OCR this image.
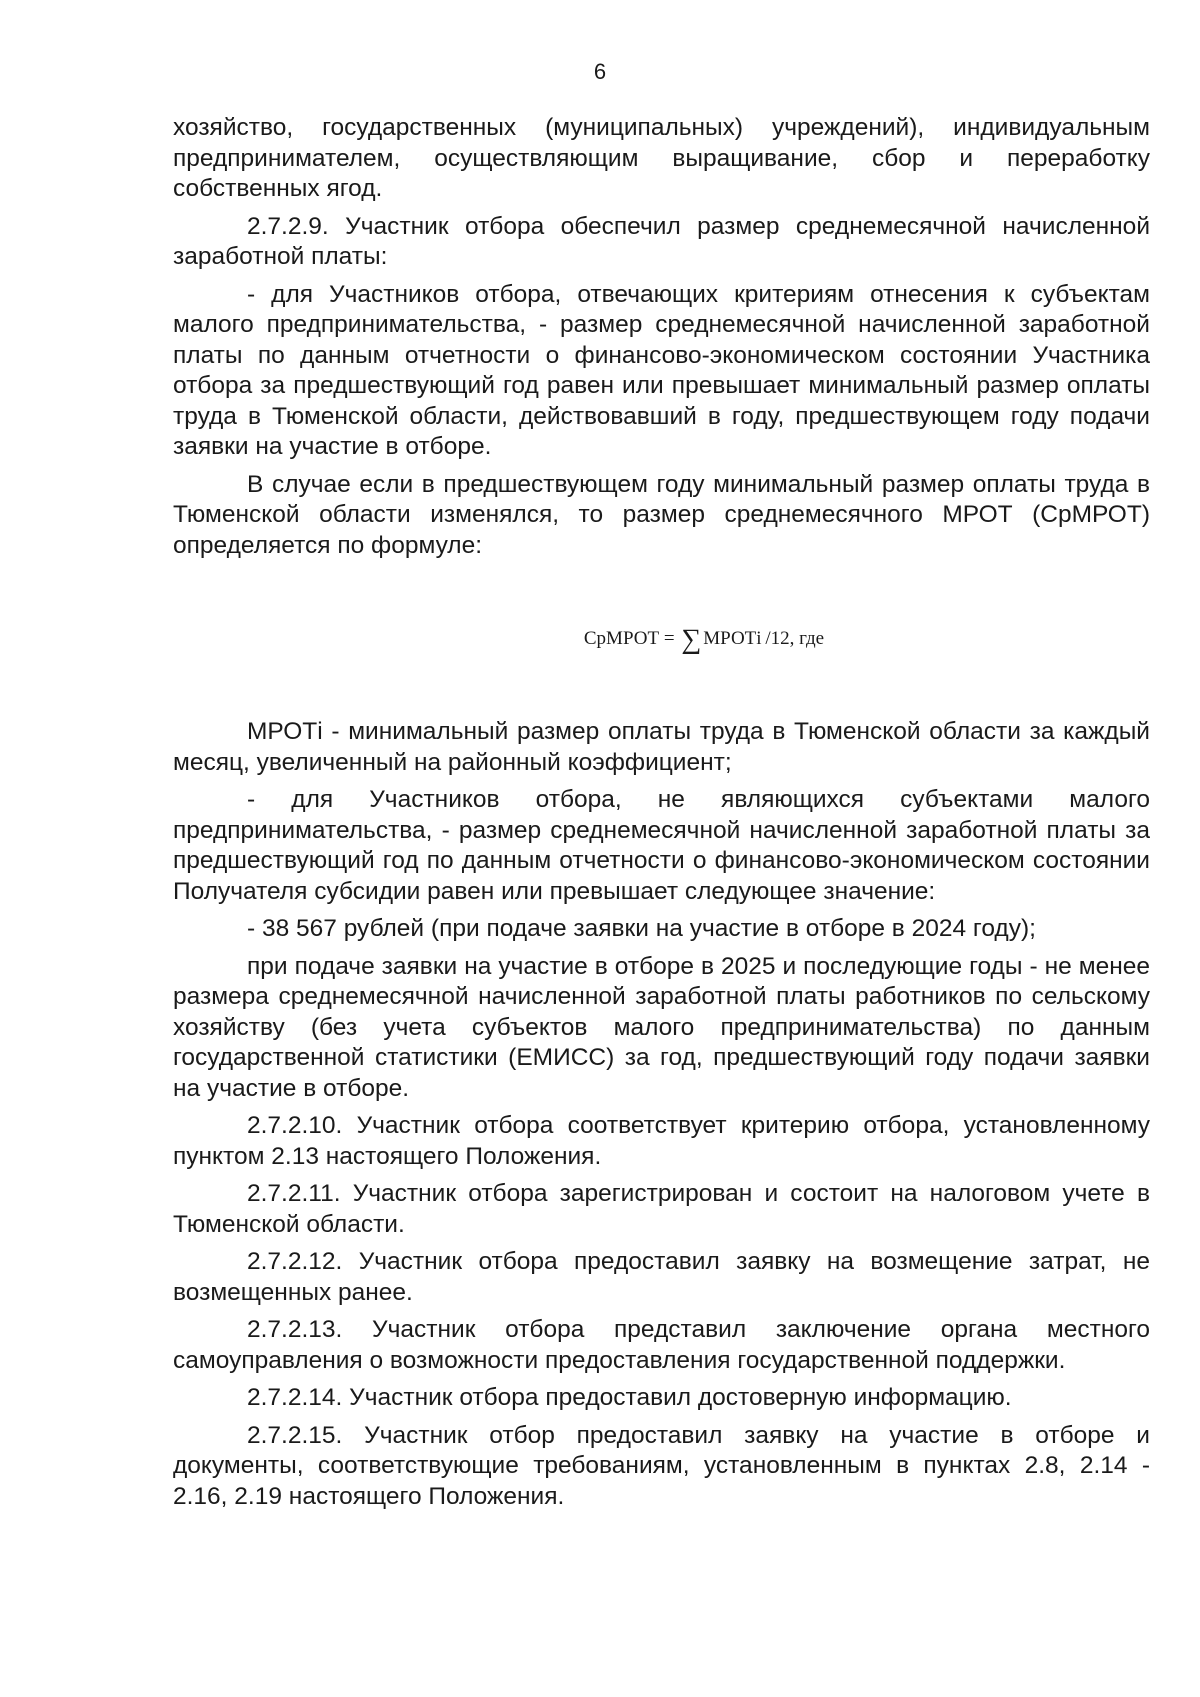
6

хозяйство, государственных (муниципальных) учреждений), индивидуальным предпринимателем, осуществляющим выращивание, сбор и переработку собственных ягод.

2.7.2.9. Участник отбора обеспечил размер среднемесячной начисленной заработной платы:

- для Участников отбора, отвечающих критериям отнесения к субъектам малого предпринимательства, - размер среднемесячной начисленной заработной платы по данным отчетности о финансово-экономическом состоянии Участника отбора за предшествующий год равен или превышает минимальный размер оплаты труда в Тюменской области, действовавший в году, предшествующем году подачи заявки на участие в отборе.

В случае если в предшествующем году минимальный размер оплаты труда в Тюменской области изменялся, то размер среднемесячного МРОТ (СрМРОТ) определяется по формуле:

СрМРОТ
=
∑ МРОТi
  /12,
где

МРОТi - минимальный размер оплаты труда в Тюменской области за каждый месяц, увеличенный на районный коэффициент;

- для Участников отбора, не являющихся субъектами малого предпринимательства, - размер среднемесячной начисленной заработной платы за предшествующий год по данным отчетности о финансово-экономическом состоянии Получателя субсидии равен или превышает следующее значение:

- 38 567 рублей (при подаче заявки на участие в отборе в 2024 году);

при подаче заявки на участие в отборе в 2025 и последующие годы - не менее размера среднемесячной начисленной заработной платы работников по сельскому хозяйству (без учета субъектов малого предпринимательства) по данным государственной статистики (ЕМИСС) за год, предшествующий году подачи заявки на участие в отборе.

2.7.2.10. Участник отбора соответствует критерию отбора, установленному пунктом 2.13 настоящего Положения.

2.7.2.11. Участник отбора зарегистрирован и состоит на налоговом учете в Тюменской области.

2.7.2.12. Участник отбора предоставил заявку на возмещение затрат, не возмещенных ранее.

2.7.2.13. Участник отбора представил заключение органа местного самоуправления о возможности предоставления государственной поддержки.

2.7.2.14. Участник отбора предоставил достоверную информацию.

2.7.2.15. Участник отбор предоставил заявку на участие в отборе и документы, соответствующие требованиям, установленным в пунктах 2.8, 2.14 - 2.16, 2.19 настоящего Положения.
